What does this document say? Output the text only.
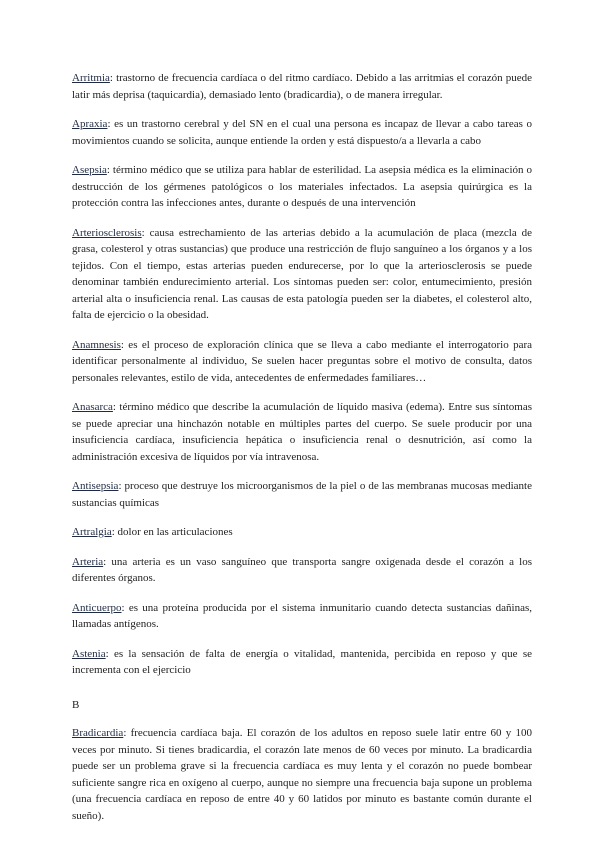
Arritmia: trastorno de frecuencia cardíaca o del ritmo cardíaco. Debido a las arritmias el corazón puede latir más deprisa (taquicardia), demasiado lento (bradicardia), o de manera irregular.

Apraxia: es un trastorno cerebral y del SN en el cual una persona es incapaz de llevar a cabo tareas o movimientos cuando se solicita, aunque entiende la orden y está dispuesto/a a llevarla a cabo

Asepsia: término médico que se utiliza para hablar de esterilidad. La asepsia médica es la eliminación o destrucción de los gérmenes patológicos o los materiales infectados. La asepsia quirúrgica es la protección contra las infecciones antes, durante o después de una intervención

Arteriosclerosis: causa estrechamiento de las arterias debido a la acumulación de placa (mezcla de grasa, colesterol y otras sustancias) que produce una restricción de flujo sanguíneo a los órganos y a los tejidos. Con el tiempo, estas arterias pueden endurecerse, por lo que la arteriosclerosis se puede denominar también endurecimiento arterial. Los síntomas pueden ser: color, entumecimiento, presión arterial alta o insuficiencia renal. Las causas de esta patología pueden ser la diabetes, el colesterol alto, falta de ejercicio o la obesidad.

Anamnesis: es el proceso de exploración clínica que se lleva a cabo mediante el interrogatorio para identificar personalmente al individuo, Se suelen hacer preguntas sobre el motivo de consulta, datos personales relevantes, estilo de vida, antecedentes de enfermedades familiares…

Anasarca: término médico que describe la acumulación de líquido masiva (edema). Entre sus síntomas se puede apreciar una hinchazón notable en múltiples partes del cuerpo. Se suele producir por una insuficiencia cardíaca, insuficiencia hepática o insuficiencia renal o desnutrición, así como la administración excesiva de líquidos por vía intravenosa.

Antisepsia: proceso que destruye los microorganismos de la piel o de las membranas mucosas mediante sustancias químicas

Artralgia: dolor en las articulaciones

Arteria: una arteria es un vaso sanguíneo que transporta sangre oxigenada desde el corazón a los diferentes órganos.

Anticuerpo: es una proteína producida por el sistema inmunitario cuando detecta sustancias dañinas, llamadas antígenos.

Astenia: es la sensación de falta de energía o vitalidad, mantenida, percibida en reposo y que se incrementa con el ejercicio

B

Bradicardia: frecuencia cardíaca baja. El corazón de los adultos en reposo suele latir entre 60 y 100 veces por minuto. Si tienes bradicardia, el corazón late menos de 60 veces por minuto. La bradicardia puede ser un problema grave si la frecuencia cardíaca es muy lenta y el corazón no puede bombear suficiente sangre rica en oxígeno al cuerpo, aunque no siempre una frecuencia baja supone un problema (una frecuencia cardíaca en reposo de entre 40 y 60 latidos por minuto es bastante común durante el sueño).
